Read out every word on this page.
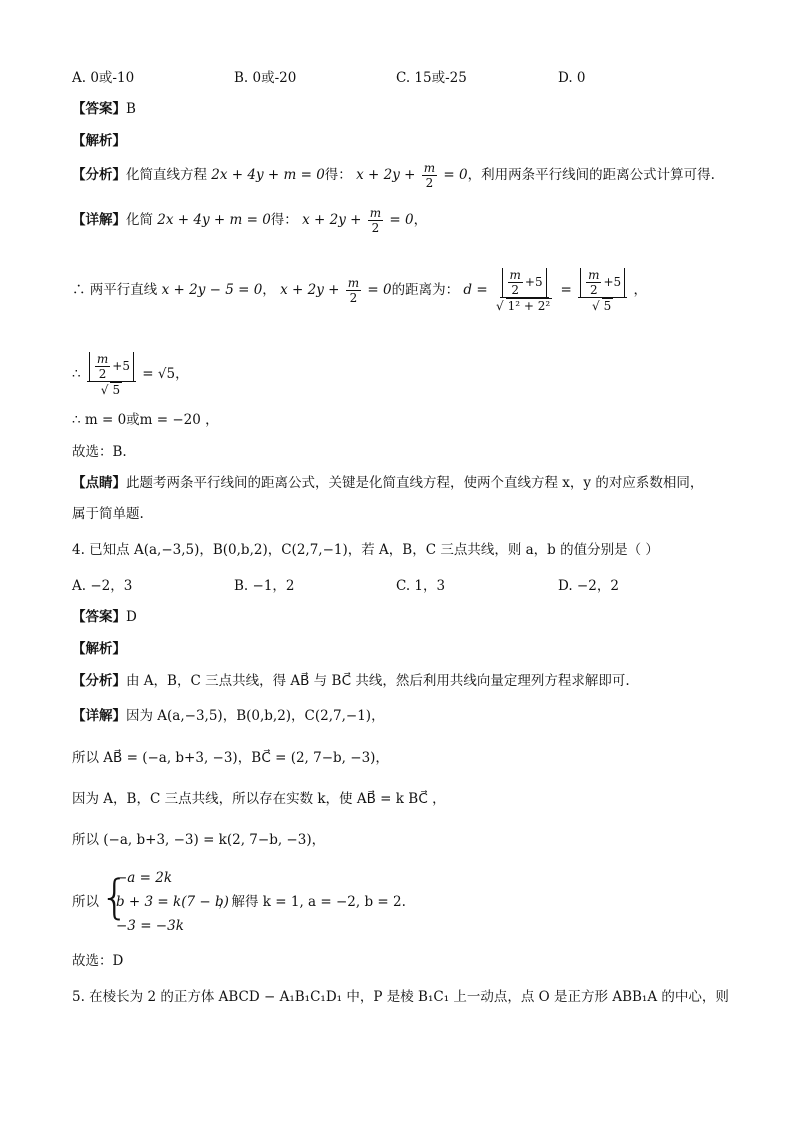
A. 0或-10	B. 0或-20	C. 15或-25	D. 0
【答案】B
【解析】
【分析】化简直线方程 2x + 4y + m = 0得： $x + 2y + \frac{m}{2} = 0$，利用两条平行线间的距离公式计算可得.
【详解】化简 2x + 4y + m = 0得： $x + 2y + \frac{m}{2} = 0$，
∴ 两平行直线 x + 2y − 5 = 0， $x + 2y + \frac{m}{2} = 0$的距离为： $d = \frac{\frac{m}{2} +5}{\text{√ 1² + 2²}} = \frac{\frac{m}{2} +5}{√ 5}$ ，
∴ $\frac{\frac{m}{2} +5}{√ 5} = √5$，
∴ m = 0或m = −20 ，
故选：B.
【点睛】此题考两条平行线间的距离公式，关键是化简直线方程，使两个直线方程 x，y 的对应系数相同，
属于简单题.
4. 已知点 A(a,−3,5)，B(0,b,2)，C(2,7,−1)，若 A，B，C 三点共线，则 a，b 的值分别是（ ）
A. −2，3	B. −1，2	C. 1，3	D. −2，2
【答案】D
【解析】
【分析】由 A，B，C 三点共线，得 AB⃗ 与 BC⃗ 共线，然后利用共线向量定理列方程求解即可.
【详解】因为 A(a,−3,5)，B(0,b,2)，C(2,7,−1)，
所以 AB⃗ = (−a, b+3, −3)，BC⃗ = (2, 7−b, −3)，
因为 A，B，C 三点共线，所以存在实数 k，使 AB⃗ = k BC⃗ ，
所以 (−a, b+3, −3) = k(2, 7−b, −3)，
所以 {
−a = 2k
b + 3 = k(7 − b)
−3 = −3k
，解得 k = 1, a = −2, b = 2.
故选：D
5. 在棱长为 2 的正方体 ABCD − A₁B₁C₁D₁ 中，P 是棱 B₁C₁ 上一动点，点 O 是正方形 ABB₁A 的中心，则
